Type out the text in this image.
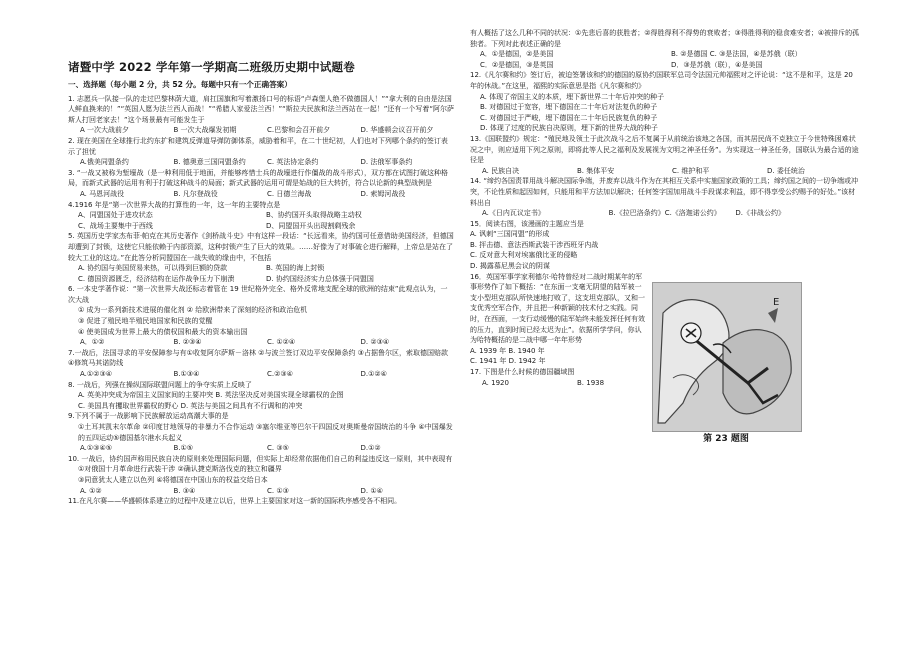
诸暨中学 2022 学年第一学期高二班级历史期中试题卷
一、选择题（每小题 2 分，共 52 分。每题中只有一个正确答案）
1. 志愿兵一队接一队的走过巴黎林荫大道，肩扛国旗和写着激扬口号的标语“卢森堡人绝不做德国人！”“拿大利的自由是法国人鲜血换来的！”“英国人愿为法兰西人而战！”“希腊人家爱法兰西！”“斯拉夫民族和法兰西站在一起！”还有一个写着“阿尔萨斯人打回老家去！”这个场景最有可能发生于
A 一次大战前夕	B 一次大战爆发初期	C.巴黎和会召开前夕	D. 华盛顿会议召开前夕
2. 现在美国在全球推行北约东扩和建筑反弹道导弹防御体系，威胁着和平，在二十世纪初，人们也对下列哪个条约的签订表示了担忧
A.俄美同盟条约	B. 德奥意三国同盟条约	C. 英法协定条约	D. 法俄军事条约
3. “一战又被称为堑壕战（是一种利用低于地面，并能够疼惜士兵的战壕进行作僵战的战斗形式），双方都在试图打破这种格局，而新式武器的运用有利于打破这种战斗的局面；新式武器的运用可谓是始战的巨大转折，符合以论新的典型战例是
A. 马恩河战役	B. 凡尔登战役	C. 日德兰海战	D. 索姆河战役
4.1916 年是“第一次世界大战的打算性的一年，这一年的主要特点是
A、同盟国处于进攻状态	B、协约国开头取得战略主动权
C、战场主要集中于西线	D、同盟国开头出现割剩残余
5. 英国历史学家杰布菲·帕克在其历史著作《剑桥战斗史》中有这样一段话：“长远看来，协约国可任意借助美国经济，但德国却遭到了封锁，这使它只能依赖于内部资源，这种封锁产生了巨大的效果。……好像为了对事破仑进行解释，上帝总是站在了较大工业的这边。”在此答分析同盟国在一战失败的缘由中，不包括
A. 协约国与美国贸易来热，可以得到巨额的贷款	B. 英国的海上封锁
C. 德国资源匮乏，经济结构在运作战争压力下崩溃	D. 协约国经济实力总体强于同盟国
6. 一本史学著作说：“第一次世界大战还标志着管在 19 世纪格外完全、格外反常地支配全球的欧洲的结束”此观点认为，一次大战
① 成为一系列新技术进展的催化剂 ② 给欧洲带来了深刻的经济和政治危机
③ 促进了殖民地半殖民地国家和民族的觉醒
④ 使美国成为世界上最大的债权国和最大的资本输出国
A．①②	B. ②③④	C. ①②④	D. ②③④
7.一战后，法国寻求的平安保障参与有①收复阿尔萨斯－洛林 ②与波兰签订双边平安保障条约 ③占据鲁尔区，索取德国赔款 ④修筑马其诺防线
A.①②③④	B.①③④	C.②③④	D.①②④
8. 一战后，列强在操纵国际联盟问题上的争夺实质上反映了
A. 英美冲突成为帝国主义国家间的主要冲突 B. 英法坚决反对美国实现全球霸权的企图
C. 美国具有攫取世界霸权的野心 D. 英法与美国之间具有不行调和的冲突
9.下列不属于一战影响下民族解放运动高潮大事的是
①土耳其凯末尔革命 ②印度甘地领导的非暴力不合作运动 ③塞尔维亚等巴尔干四国反对奥斯曼帝国统治的斗争 ④中国爆发的五四运动⑤德国基尔港水兵起义
A.①③④⑤	B.①⑤	C. ③⑤	D.①②
10. 一战后，协约国声称用民族自决的原则来处理国际问题，但实际上却经常依据他们自己的利益违反这一原则，其中表现有
①对俄国十月革命进行武装干涉 ②确认捷克斯洛伐克的独立和疆界
③同意犹太人建立以色列 ④将德国在中国山东的权益交给日本
A. ①②	B. ③④	C. ①③	D. ①④
11.在凡尔赛——华盛顿体系建立的过程中及建立以后，世界上主要国家对这一新的国际秩序感受各不相同。
有人概括了这么几种不同的状况：①先悲后喜的获胜者；②得胜得利不得势的衰败者；③得胜得利的稳食难安者；④被排斥的孤独者。下列对此表述正确的是
A．①是德国，②是美国	B. ②是德国 C. ③是法国，④是苏俄（联）
C．②是德国，③是英国	D．③是苏俄（联），④是美国
12.《凡尔赛和约》签订后，被迫签署该和约的德国的原协约国联军总司令法国元帅福熙对之评论说：“这不是和平，这是 20 年的休战。”在这里，福熙的实际意思是指《凡尔赛和约》
A. 体现了帝国主义的本质，埋下新世界二十年后冲突的种子
B. 对德国过于宽容，埋下德国在二十年后对法复仇的种子
C. 对德国过于严峻，埋下德国在二十年后民族复仇的种子
D. 体现了过度的民族自决原则，埋下新的世界大战的种子
13.《国联盟约》规定：“殖民地及领土于此次战斗之后不复属于从前统治该地之各国，而其居民尚不克独立于今世特殊困难状况之中，则应适用下列之原则，即将此等人民之福利及发展视为文明之神圣任务”。为实现这一神圣任务，国联认为最合适的途径是
A. 民族自决	B. 集体平安	C. 维护和平	D. 委任统治
14. “缔约各国责罪用战斗解决国际争端，并废弃以战斗作为在其相互关系中实施国家政策的工具；缔约国之间的一切争端或冲突，不论性质和起因如何，只能用和平方法加以解决；任何签字国加用战斗手段谋求利益，即不得享受公约赐予的好处。”该材料出自
A.《日内瓦议定书》	B.《拉巴洛条约》C.《洛迦诺公约》	D.《非战公约》
15．阅读右图，该漫画的主题应当是
A. 讽刺“三国同盟”的形成
B. 抨击德、意法西斯武装干涉西班牙内战
C. 反对意大利对埃塞俄比亚的侵略
D. 揭露慕尼黑会议的阴谋
16．英国军事学家利德尔·哈特曾经对二战时期某年的军事形势作了如下概括：“在东面一支毫无阴望的陆军被一支小型坦克部队所快速地打败了，这支坦克部队，又和一支优秀空军合作，并且把一种新颖的技术付之实践。同时，在西面，一支行动缓慢的陆军始终未能发挥任何有效的压力，直到时间已经太迟为止”。依据所学学问，你认为哈特概括的是二战中哪一年年形势
A. 1939 年 B. 1940 年
C. 1941 年 D. 1942 年
17. 下图是什么时候的德国疆域图
A. 1920	B. 1938
E
第 23 题图
